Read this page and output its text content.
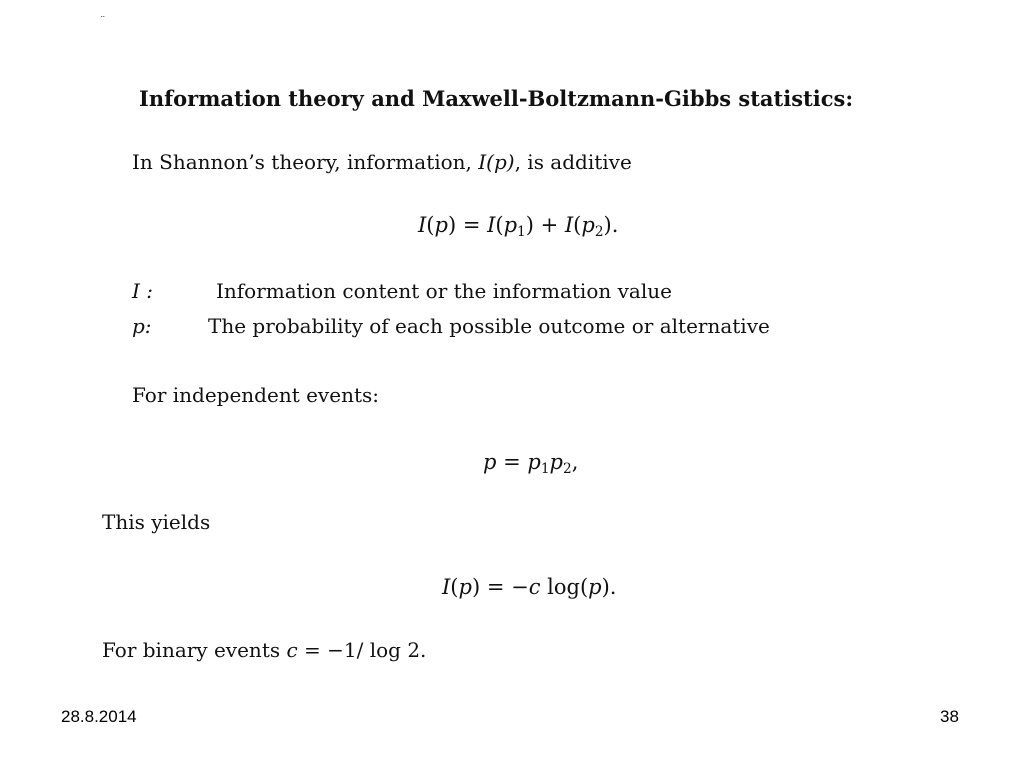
¨
Information theory and Maxwell-Boltzmann-Gibbs statistics:
In Shannon’s theory, information, I(p), is additive
$I(p) = I(p_1) + I(p_2)$.
I :	Information content or the information value
p:	The probability of each possible outcome or alternative
For independent events:
$p = p_1p_2$,
This yields
I(p) = −c log(p).
For binary events c = −1/ log 2.
28.8.2014	38
